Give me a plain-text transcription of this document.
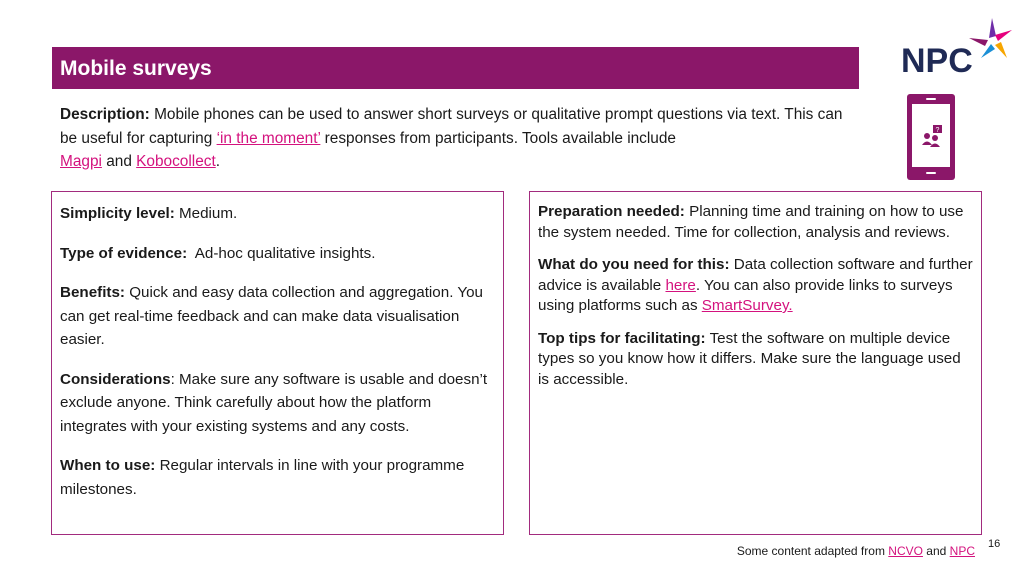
Mobile surveys	NPC
?
Description: Mobile phones can be used to answer short surveys or qualitative prompt questions via text. This can be useful for capturing ‘in the moment’ responses from participants. Tools available include
Magpi and Kobocollect.

Simplicity level: Medium.

Type of evidence:  Ad-hoc qualitative insights.

Benefits: Quick and easy data collection and aggregation. You can get real-time feedback and can make data visualisation easier.

Considerations: Make sure any software is usable and doesn’t exclude anyone. Think carefully about how the platform integrates with your existing systems and any costs.

When to use: Regular intervals in line with your programme milestones.

Preparation needed: Planning time and training on how to use the system needed. Time for collection, analysis and reviews.

What do you need for this: Data collection software and further advice is available here. You can also provide links to surveys using platforms such as SmartSurvey.

Top tips for facilitating: Test the software on multiple device types so you know how it differs. Make sure the language used is accessible.

16
Some content adapted from NCVO and NPC
